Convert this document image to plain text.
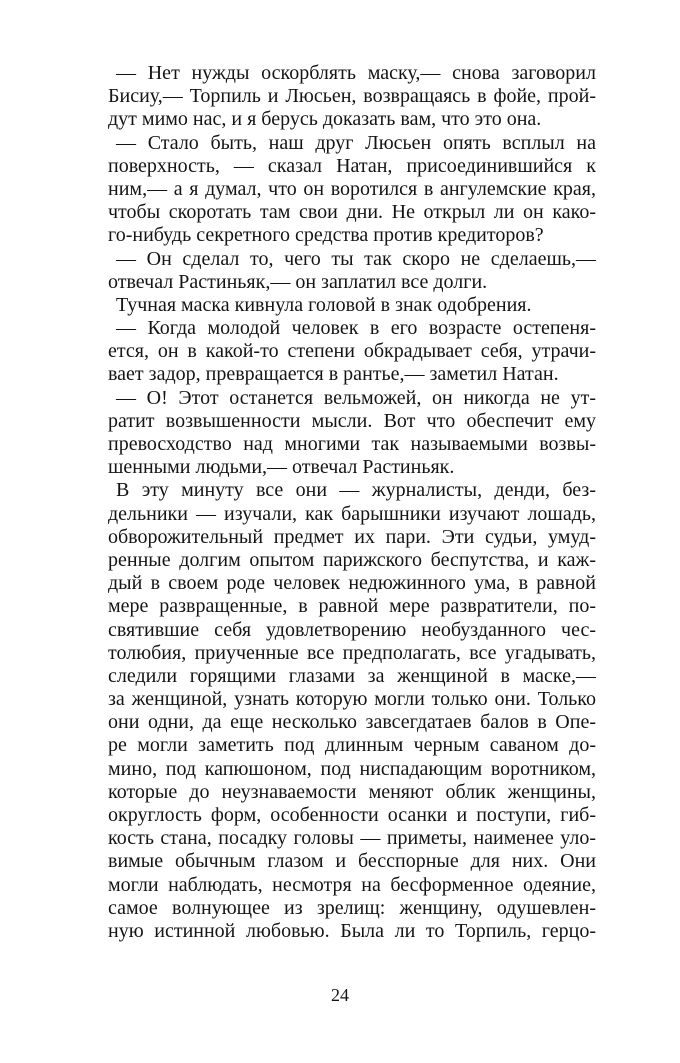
— Нет нужды оскорблять маску,— снова заговорил
Бисиу,— Торпиль и Люсьен, возвращаясь в фойе, прой-
дут мимо нас, и я берусь доказать вам, что это она.
— Стало быть, наш друг Люсьен опять всплыл на
поверхность, — сказал Натан, присоединившийся к
ним,— а я думал, что он воротился в ангулемские края,
чтобы скоротать там свои дни. Не открыл ли он како-
го-нибудь секретного средства против кредиторов?
— Он сделал то, чего ты так скоро не сделаешь,—
отвечал Растиньяк,— он заплатил все долги.
Тучная маска кивнула головой в знак одобрения.
— Когда молодой человек в его возрасте остепеня-
ется, он в какой-то степени обкрадывает себя, утрачи-
вает задор, превращается в рантье,— заметил Натан.
— О! Этот останется вельможей, он никогда не ут-
ратит возвышенности мысли. Вот что обеспечит ему
превосходство над многими так называемыми возвы-
шенными людьми,— отвечал Растиньяк.
В эту минуту все они — журналисты, денди, без-
дельники — изучали, как барышники изучают лошадь,
обворожительный предмет их пари. Эти судьи, умуд-
ренные долгим опытом парижского беспутства, и каж-
дый в своем роде человек недюжинного ума, в равной
мере развращенные, в равной мере развратители, по-
святившие себя удовлетворению необузданного чес-
толюбия, приученные все предполагать, все угадывать,
следили горящими глазами за женщиной в маске,—
за женщиной, узнать которую могли только они. Только
они одни, да еще несколько завсегдатаев балов в Опе-
ре могли заметить под длинным черным саваном до-
мино, под капюшоном, под ниспадающим воротником,
которые до неузнаваемости меняют облик женщины,
округлость форм, особенности осанки и поступи, гиб-
кость стана, посадку головы — приметы, наименее уло-
вимые обычным глазом и бесспорные для них. Они
могли наблюдать, несмотря на бесформенное одеяние,
самое волнующее из зрелищ: женщину, одушевлен-
ную истинной любовью. Была ли то Торпиль, герцо-
24
